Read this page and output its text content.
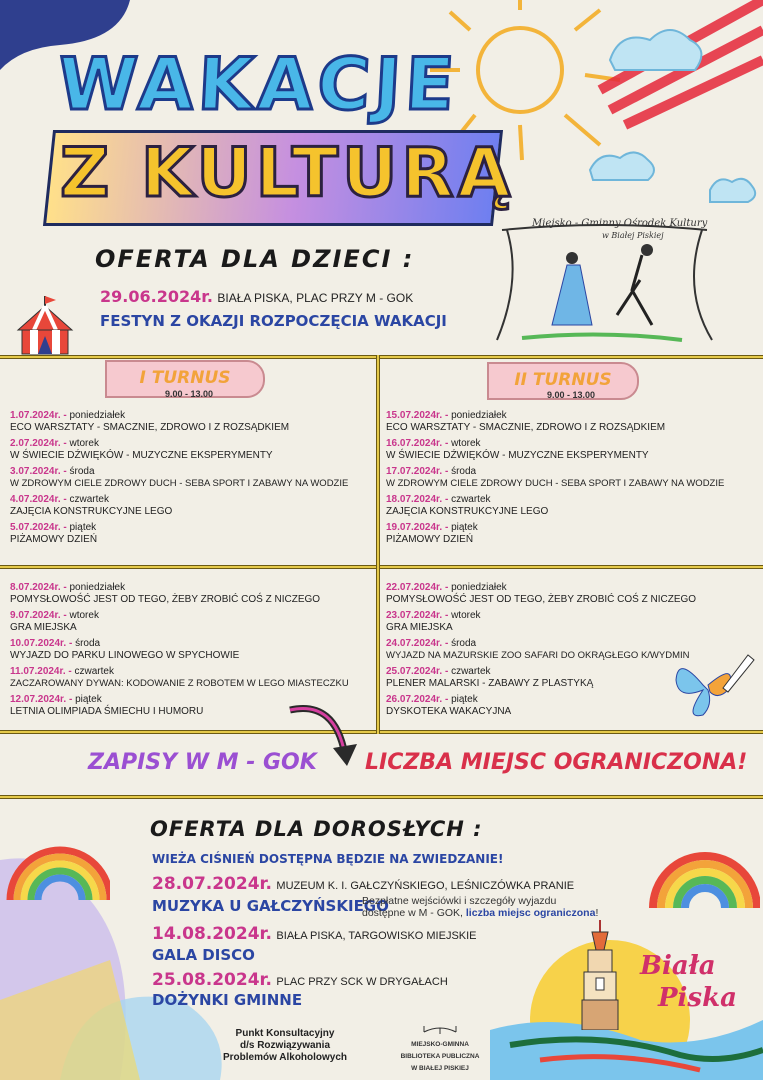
WAKACJE
Z KULTURĄ
Miejsko - Gminny Ośrodek Kultury
w Białej Piskiej
OFERTA DLA DZIECI :
29.06.2024r. BIAŁA PISKA, PLAC PRZY M - GOK
FESTYN Z OKAZJI ROZPOCZĘCIA WAKACJI
I TURNUS
9.00 - 13.00
II TURNUS
9.00 - 13.00
1.07.2024r. - poniedziałek
ECO WARSZTATY - SMACZNIE, ZDROWO I Z ROZSĄDKIEM
2.07.2024r. - wtorek
W ŚWIECIE DŹWIĘKÓW - MUZYCZNE EKSPERYMENTY
3.07.2024r. - środa
W ZDROWYM CIELE ZDROWY DUCH - SEBA SPORT I ZABAWY NA WODZIE
4.07.2024r. - czwartek
ZAJĘCIA KONSTRUKCYJNE LEGO
5.07.2024r. - piątek
PIŻAMOWY DZIEŃ
15.07.2024r. - poniedziałek
ECO WARSZTATY - SMACZNIE, ZDROWO I Z ROZSĄDKIEM
16.07.2024r. - wtorek
W ŚWIECIE DŹWIĘKÓW - MUZYCZNE EKSPERYMENTY
17.07.2024r. - środa
W ZDROWYM CIELE ZDROWY DUCH - SEBA SPORT I ZABAWY NA WODZIE
18.07.2024r. - czwartek
ZAJĘCIA KONSTRUKCYJNE LEGO
19.07.2024r. - piątek
PIŻAMOWY DZIEŃ
8.07.2024r. - poniedziałek
POMYSŁOWOŚĆ JEST OD TEGO, ŻEBY ZROBIĆ COŚ Z NICZEGO
9.07.2024r. - wtorek
GRA MIEJSKA
10.07.2024r. - środa
WYJAZD DO PARKU LINOWEGO W SPYCHOWIE
11.07.2024r. - czwartek
ZACZAROWANY DYWAN: KODOWANIE Z ROBOTEM W LEGO MIASTECZKU
12.07.2024r. - piątek
LETNIA OLIMPIADA ŚMIECHU I HUMORU
22.07.2024r. - poniedziałek
POMYSŁOWOŚĆ JEST OD TEGO, ŻEBY ZROBIĆ COŚ Z NICZEGO
23.07.2024r. - wtorek
GRA MIEJSKA
24.07.2024r. - środa
WYJAZD NA MAZURSKIE ZOO SAFARI DO OKRĄGŁEGO K/WYDMIN
25.07.2024r. - czwartek
PLENER MALARSKI - ZABAWY Z PLASTYKĄ
26.07.2024r. - piątek
DYSKOTEKA WAKACYJNA
ZAPISY W M - GOK LICZBA MIEJSC OGRANICZONA!
OFERTA DLA DOROSŁYCH :
WIEŻA CIŚNIEŃ DOSTĘPNA BĘDZIE NA ZWIEDZANIE!
28.07.2024r. MUZEUM K. I. GAŁCZYŃSKIEGO, LEŚNICZÓWKA PRANIE
MUZYKA U GAŁCZYŃSKIEGO
Bezpłatne wejściówki i szczegóły wyjazdu
dostępne w M - GOK, liczba miejsc ograniczona!
14.08.2024r. BIAŁA PISKA, TARGOWISKO MIEJSKIE
GALA DISCO
25.08.2024r. PLAC PRZY SCK W DRYGAŁACH
DOŻYNKI GMINNE
Punkt Konsultacyjny
d/s Rozwiązywania
Problemów Alkoholowych
MIEJSKO-GMINNA
BIBLIOTEKA PUBLICZNA
W BIAŁEJ PISKIEJ
Biała
Piska
